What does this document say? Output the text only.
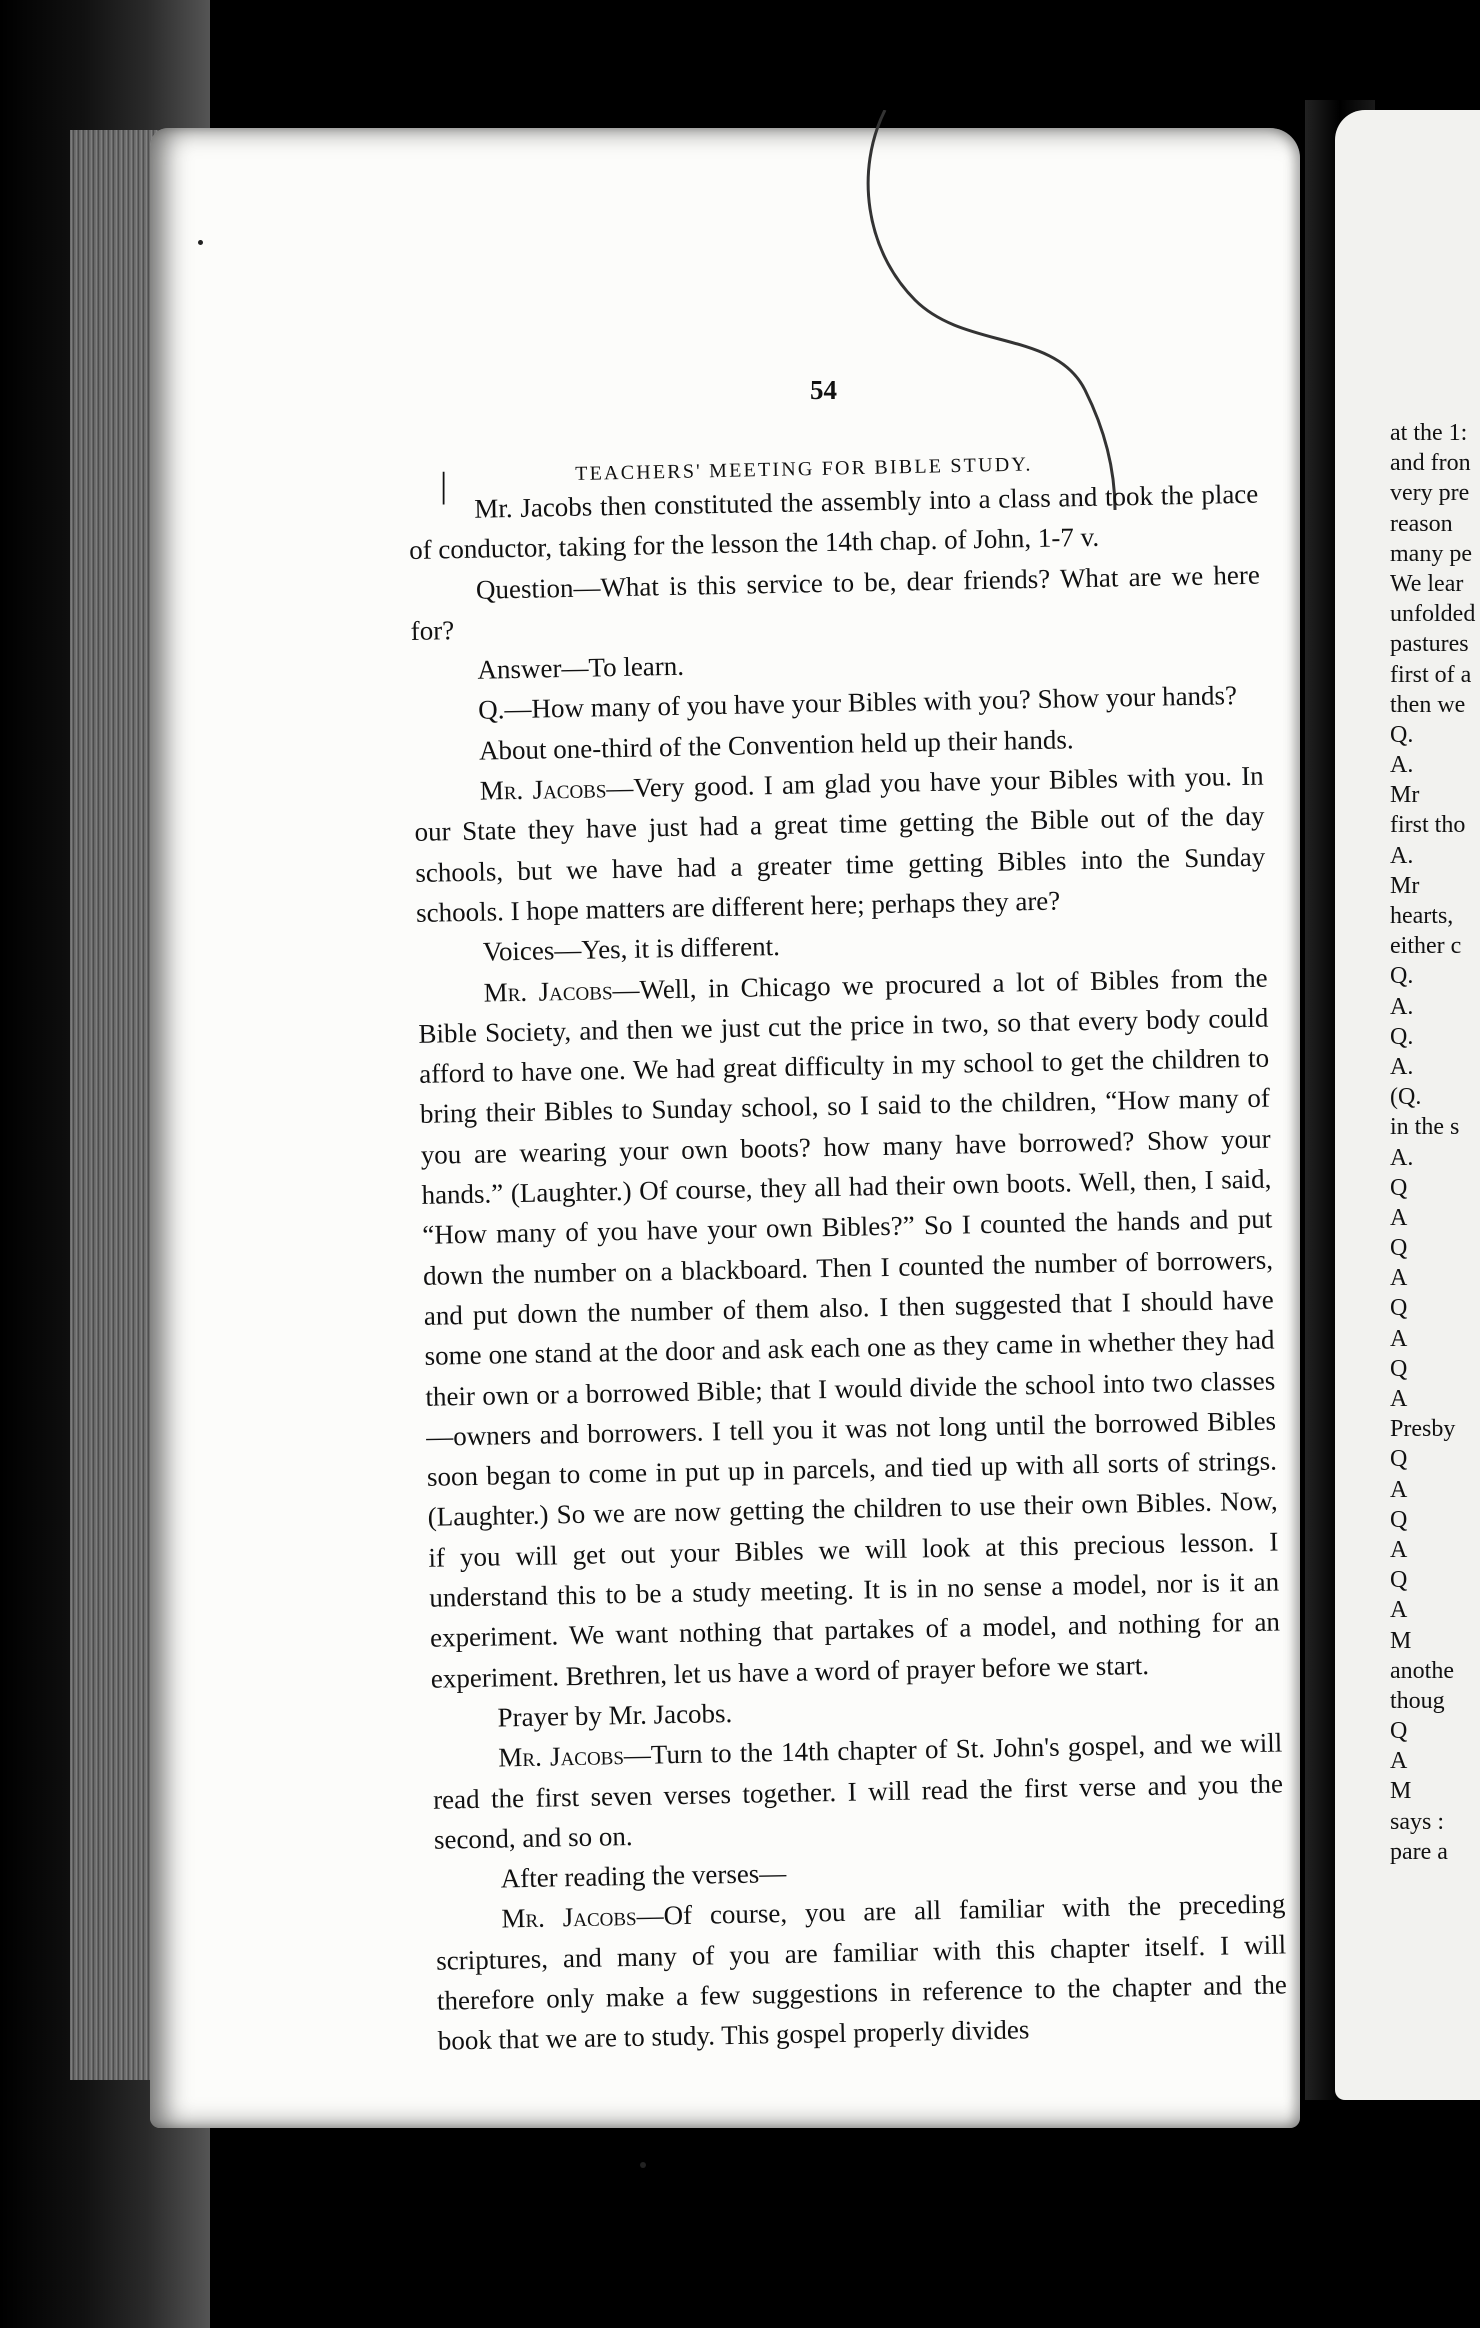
54
|	TEACHERS' MEETING FOR BIBLE STUDY.

Mr. Jacobs then constituted the assembly into a class and took the place of conductor, taking for the lesson the 14th chap. of John, 1-7 v.

Question—What is this service to be, dear friends? What are we here for?

Answer—To learn.

Q.—How many of you have your Bibles with you? Show your hands?

About one-third of the Convention held up their hands.

Mr. Jacobs—Very good. I am glad you have your Bibles with you. In our State they have just had a great time getting the Bible out of the day schools, but we have had a greater time getting Bibles into the Sunday schools. I hope matters are different here; perhaps they are?

Voices—Yes, it is different.

Mr. Jacobs—Well, in Chicago we procured a lot of Bibles from the Bible Society, and then we just cut the price in two, so that every body could afford to have one. We had great difficulty in my school to get the children to bring their Bibles to Sunday school, so I said to the children, “How many of you are wearing your own boots? how many have borrowed? Show your hands.” (Laughter.) Of course, they all had their own boots. Well, then, I said, “How many of you have your own Bibles?” So I counted the hands and put down the number on a blackboard. Then I counted the number of borrowers, and put down the number of them also. I then suggested that I should have some one stand at the door and ask each one as they came in whether they had their own or a borrowed Bible; that I would divide the school into two classes—owners and borrowers. I tell you it was not long until the borrowed Bibles soon began to come in put up in parcels, and tied up with all sorts of strings. (Laughter.) So we are now getting the children to use their own Bibles. Now, if you will get out your Bibles we will look at this precious lesson. I understand this to be a study meeting. It is in no sense a model, nor is it an experiment. We want nothing that partakes of a model, and nothing for an experiment. Brethren, let us have a word of prayer before we start.

Prayer by Mr. Jacobs.

Mr. Jacobs—Turn to the 14th chapter of St. John's gospel, and we will read the first seven verses together. I will read the first verse and you the second, and so on.

After reading the verses—

Mr. Jacobs—Of course, you are all familiar with the preceding scriptures, and many of you are familiar with this chapter itself. I will therefore only make a few suggestions in reference to the chapter and the book that we are to study. This gospel properly divides

at the 1:
and fron
very pre
reason
many pe
We lear
unfolded
pastures
first of a
then we
Q.
A.
Mr
first tho
A.
Mr
hearts,
either c
Q.
A.
Q.
A.
(Q.
in the s
A.
Q
A
Q
A
Q
A
Q
A
Presby
Q
A
Q
A
Q
A
M
anothe
thoug
Q
A
M
says :
pare a
